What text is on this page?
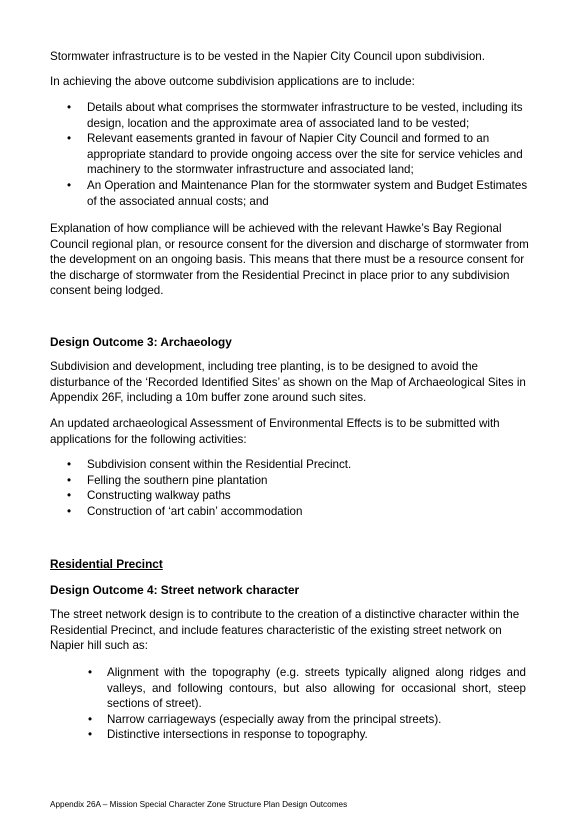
Stormwater infrastructure is to be vested in the Napier City Council upon subdivision.

In achieving the above outcome subdivision applications are to include:

• Details about what comprises the stormwater infrastructure to be vested, including its design, location and the approximate area of associated land to be vested;
• Relevant easements granted in favour of Napier City Council and formed to an appropriate standard to provide ongoing access over the site for service vehicles and machinery to the stormwater infrastructure and associated land;
• An Operation and Maintenance Plan for the stormwater system and Budget Estimates of the associated annual costs; and

Explanation of how compliance will be achieved with the relevant Hawke’s Bay Regional Council regional plan, or resource consent for the diversion and discharge of stormwater from the development on an ongoing basis. This means that there must be a resource consent for the discharge of stormwater from the Residential Precinct in place prior to any subdivision consent being lodged.

Design Outcome 3: Archaeology

Subdivision and development, including tree planting, is to be designed to avoid the disturbance of the ‘Recorded Identified Sites’ as shown on the Map of Archaeological Sites in Appendix 26F, including a 10m buffer zone around such sites.

An updated archaeological Assessment of Environmental Effects is to be submitted with applications for the following activities:

• Subdivision consent within the Residential Precinct.
• Felling the southern pine plantation
• Constructing walkway paths
• Construction of ‘art cabin’ accommodation
Residential Precinct
Design Outcome 4: Street network character

The street network design is to contribute to the creation of a distinctive character within the Residential Precinct, and include features characteristic of the existing street network on Napier hill such as:

• Alignment with the topography (e.g. streets typically aligned along ridges and valleys, and following contours, but also allowing for occasional short, steep sections of street).
• Narrow carriageways (especially away from the principal streets).
• Distinctive intersections in response to topography.
Appendix 26A – Mission Special Character Zone Structure Plan Design Outcomes
